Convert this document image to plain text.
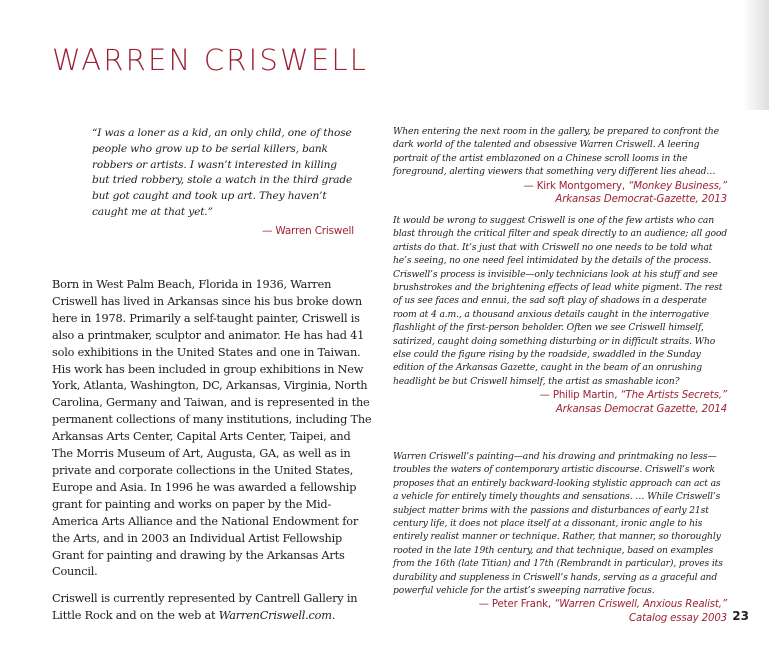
WARREN CRISWELL

“I was a loner as a kid, an only child, one of those people who grow up to be serial killers, bank robbers or artists. I wasn’t interested in killing but tried robbery, stole a watch in the third grade but got caught and took up art. They haven’t caught me at that yet.”

— Warren Criswell

Born in West Palm Beach, Florida in 1936, Warren Criswell has lived in Arkansas since his bus broke down here in 1978. Primarily a self-taught painter, Criswell is also a printmaker, sculptor and animator. He has had 41 solo exhibitions in the United States and one in Taiwan. His work has been included in group exhibitions in New York, Atlanta, Washington, DC, Arkansas, Virginia, North Carolina, Germany and Taiwan, and is represented in the permanent collections of many institutions, including The Arkansas Arts Center, Capital Arts Center, Taipei, and The Morris Museum of Art, Augusta, GA, as well as in private and corporate collections in the United States, Europe and Asia. In 1996 he was awarded a fellowship grant for painting and works on paper by the Mid-America Arts Alliance and the National Endowment for the Arts, and in 2003 an Individual Artist Fellowship Grant for painting and drawing by the Arkansas Arts Council.

Criswell is currently represented by Cantrell Gallery in Little Rock and on the web at WarrenCriswell.com.

When entering the next room in the gallery, be prepared to confront the dark world of the talented and obsessive Warren Criswell. A leering portrait of the artist emblazoned on a Chinese scroll looms in the foreground, alerting viewers that something very different lies ahead…

— Kirk Montgomery, “Monkey Business,”
Arkansas Democrat-Gazette, 2013

It would be wrong to suggest Criswell is one of the few artists who can blast through the critical filter and speak directly to an audience; all good artists do that. It’s just that with Criswell no one needs to be told what he’s seeing, no one need feel intimidated by the details of the process. Criswell’s process is invisible—only technicians look at his stuff and see brushstrokes and the brightening effects of lead white pigment. The rest of us see faces and ennui, the sad soft play of shadows in a desperate room at 4 a.m., a thousand anxious details caught in the interrogative flashlight of the first-person beholder. Often we see Criswell himself, satirized, caught doing something disturbing or in difficult straits. Who else could the figure rising by the roadside, swaddled in the Sunday edition of the Arkansas Gazette, caught in the beam of an onrushing headlight be but Criswell himself, the artist as smashable icon?

— Philip Martin, “The Artists Secrets,”
Arkansas Democrat Gazette, 2014

Warren Criswell’s painting—and his drawing and printmaking no less—troubles the waters of contemporary artistic discourse. Criswell’s work proposes that an entirely backward-looking stylistic approach can act as a vehicle for entirely timely thoughts and sensations. … While Criswell’s subject matter brims with the passions and disturbances of early 21st century life, it does not place itself at a dissonant, ironic angle to his entirely realist manner or technique. Rather, that manner, so thoroughly rooted in the late 19th century, and that technique, based on examples from the 16th (late Titian) and 17th (Rembrandt in particular), proves its durability and suppleness in Criswell’s hands, serving as a graceful and powerful vehicle for the artist’s sweeping narrative focus.

— Peter Frank, “Warren Criswell, Anxious Realist,”
Catalog essay 2003 23
